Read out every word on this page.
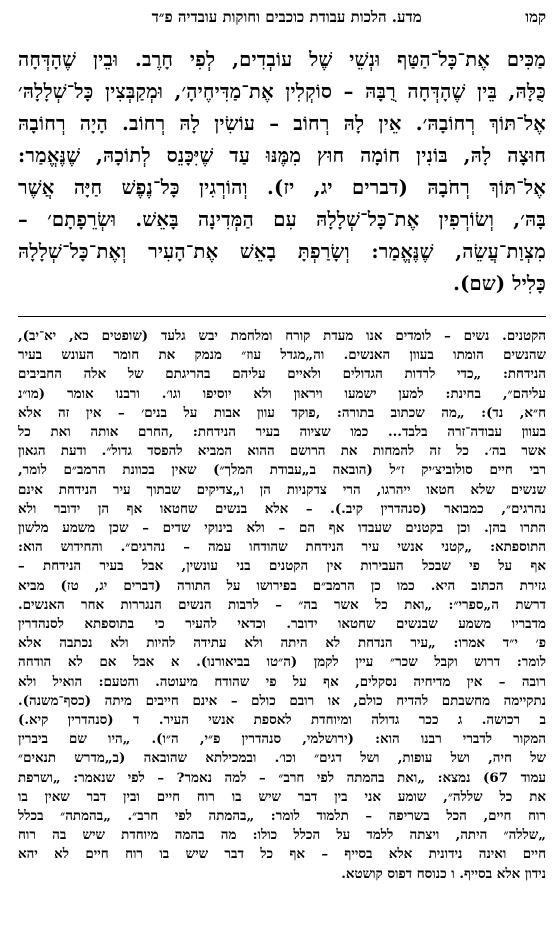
קמו
מדע. הלכות עבודת כוכבים וחוקות עובדיה פ״ד
מַכִּים אֶת־כָּל־הַטַּף וּנְשֵׁי שֶׁל עוֹבְדִים, לְפִי חָרֶב. וּבֵין שֶׁהָדְּחָה
כֻּלָּהּ, בֵּין שֶׁהָדְּחָה רֻבָּהּ – סוֹקְלִין אֶת־מַדִּיחֶיהָ׳, וּמְקַבְּצִין כָּל־שְׁלָלָהּ׳
אֶל־תּוֹךְ רְחוֹבָהּ׳. אֵין לָהּ רְחוֹב – עוֹשִׂין לָהּ רְחוֹב. הָיָה רְחוֹבָהּ
חוּצָה לָהּ, בּוֹנִין חוֹמָה חוּץ מִמֶּנּוּ עַד שֶׁיִּכָּנֵס לְתוֹכָהּ, שֶׁנֶּאֱמַר:
אֶל־תּוֹךְ רְחֹבָהּ (דברים יג, יז). וְהוֹרְגִין כָּל־נֶפֶשׁ חַיָּה אֲשֶׁר
בָּהּ׳, וְשׂוֹרְפִין אֶת־כָּל־שְׁלָלָהּ עִם הַמְּדִינָה בָּאֵשׁ. וּשְׂרֵפָתָם׳ –
מִצְוַת־עֲשֵׂה, שֶׁנֶּאֱמַר: וְשָׂרַפְתָּ בָאֵשׁ אֶת־הָעִיר וְאֶת־כָּל־שְׁלָלָהּ
כָּלִיל (שם).
הקטנים. נשים – לומדים אנו מעדת קורח ומלחמת יבש גלעד (שופטים כא, יא־יב),
שהנשים הומתו בעוון האנשים. וה„מגדל עוז״ מנמק את חומר העונש בעיר
הנידחת: „כדי לרדות הגדולים ולאיים עליהם בהריגתם של אלה החביבים
עליהם״, בחינת: למען ישמעו ויראון ולא יוסיפו וגו׳. ורבנו אומר (מו״נ
ח״א, נד): „מה שכתוב בתורה: ‚פוקד עוון אבות על בנים׳ – אין זה אלא
בעוון עבודה־זרה בלבד... כמו שציוה בעיר הנידחת: ‚החרם אותה ואת כל
אשר בה׳. כל זה להמחות את הרושם ההוא המביא להפסד גדול״. ודעת הגאון
רבי חיים סולוביצ׳יק ז״ל (הובאה ב„עבודת המלך״) שאין בכוונת הרמב״ם לומר,
שנשים שלא חטאו ייהרגו, הרי צדקניות הן ו„צדיקים שבתוך עיר הנידחת אינם
נהרגים״, כמבואר (סנהדרין קיב.). – אלא בנשים שחטאו אף הן ידובר ולא
התרו בהן. וכן בקטנים שעבדו אף הם – ולא בינוקי שדים – שכן משמע מלשון
התוספתא: „קטני אנשי עיר הנידחת שהודחו עמה – נהרגים״. והחידוש הוא:
אף על פי שבכל העבירות אין הקטנים בני עונשין, אבל בעיר הנידחת –
גזירת הכתוב היא. כמו כן הרמב״ם בפירושו על התורה (דברים יג, טז) מביא
דרשת ה„ספרי״: „ואת כל אשר בה״ – לרבות הנשים הנגררות אחר האנשים.
מדבריו משמע שבנשים שחטאו ידובר. וכדאי להעיר כי בתוספתא לסנהדרין
פ׳ י״ד אמרו: „עיר הנדחת לא היתה ולא עתידה להיות ולא נכתבה אלא
לומר: דרוש וקבל שכר״ עיין לקמן (ה״טו בביאורנו). א אבל אם לא הודחה
רובה – אין מדיחיה נסקלים, אף על פי שהודח מיעוטה. והטעם: הואיל ולא
נתקיימה מחשבתם להדיח כולם, או רובם כולם – אינם חייבים מיתה (כסף־משנה).
ב רכושה. ג ככר גדולה ומיוחדת לאספת אנשי העיר. ד (סנהדרין קיא.)
המקור לדברי רבנו הוא: (ירושלמי, סנהדרין פ״י, ה״ו). „היו שם ביברין
של חיה, ושל עופות, ושל דגים״ וכו׳. ובמכילתא שהובאה (ב„מדרש תנאים״
עמוד 67) נמצא: „ואת בהמתה לפי חרב״ – למה נאמר? – לפי שנאמר: „ושרפת
את כל שללה״, שומע אני בין דבר שיש בו רוח חיים ובין דבר שאין בו
רוח חיים, הכל בשריפה – תלמוד לומר: „בהמתה לפי חרב״. „בהמתה״ בכלל
„שללה״ היתה, ויצתה ללמד על הכלל כולו: מה בהמה מיוחדת שיש בה רוח
חיים ואינה נידונית אלא בסייף – אף כל דבר שיש בו רוח חיים לא יהא
נידון אלא בסייף. ו כנוסח דפוס קושטא.
